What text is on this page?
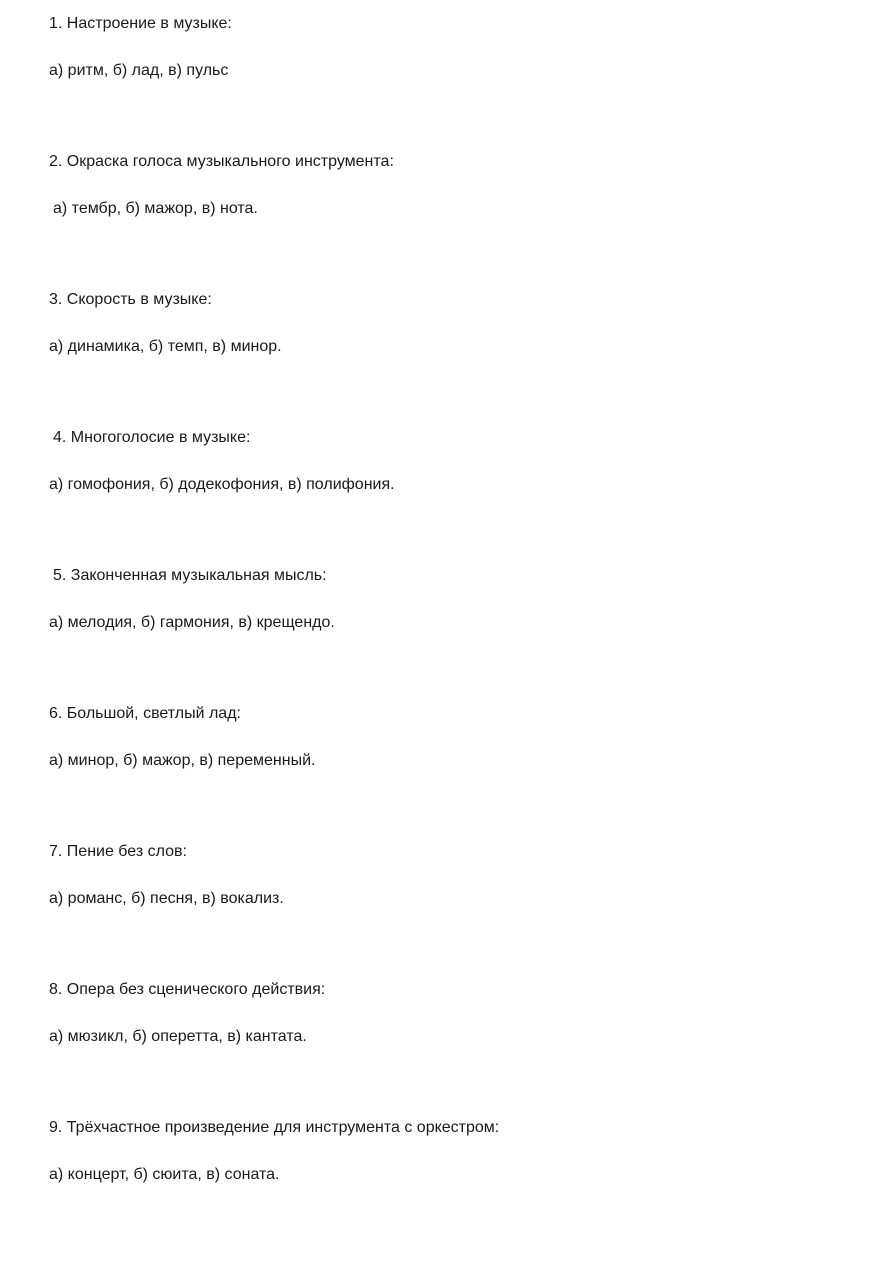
1. Настроение в музыке:
а) ритм, б) лад, в) пульс
2. Окраска голоса музыкального инструмента:
а) тембр, б) мажор, в) нота.
3. Скорость в музыке:
а) динамика, б) темп, в) минор.
4. Многоголосие в музыке:
а) гомофония, б) додекофония, в) полифония.
5. Законченная музыкальная мысль:
а) мелодия, б) гармония, в) крещендо.
6. Большой, светлый лад:
а) минор, б) мажор, в) переменный.
7. Пение без слов:
а) романс, б) песня, в) вокализ.
8. Опера без сценического действия:
а) мюзикл, б) оперетта, в) кантата.
9. Трёхчастное произведение для инструмента с оркестром:
а) концерт, б) сюита, в) соната.
